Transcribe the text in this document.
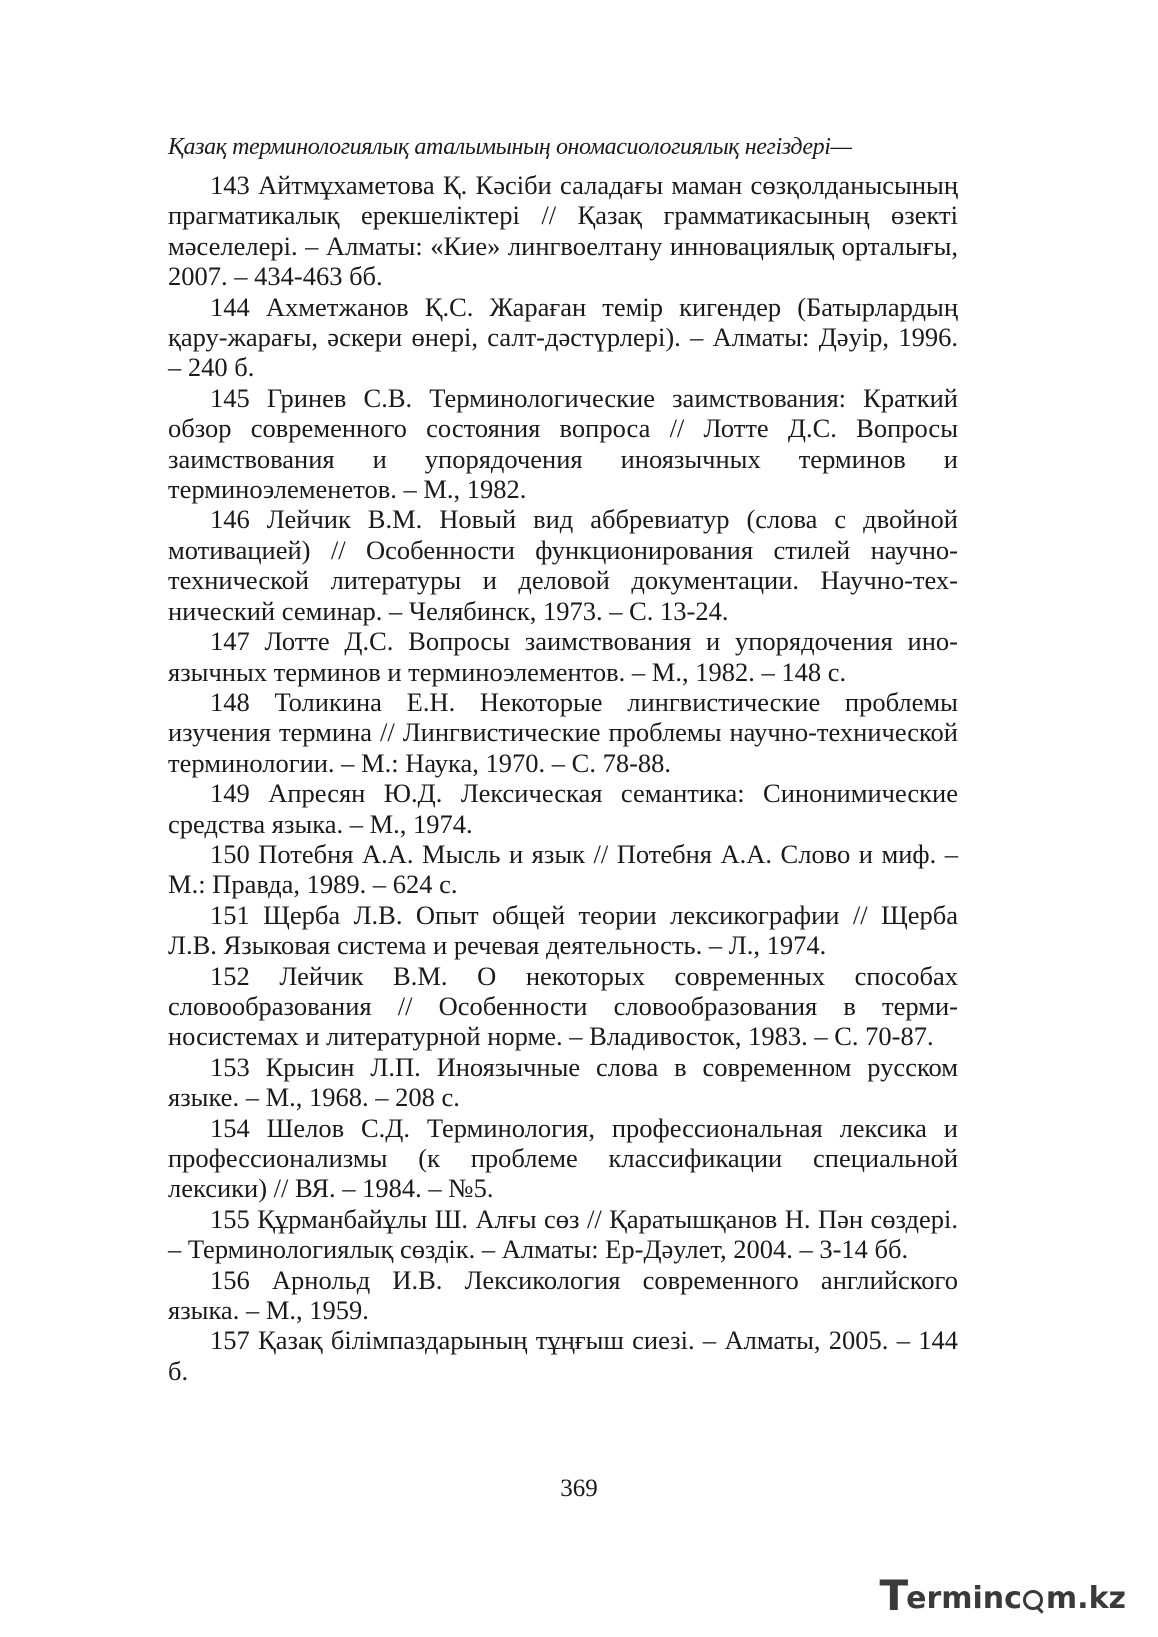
Қазақ терминологиялық аталымының ономасиологиялық негіздері—

143 Айтмұхаметова Қ. Кәсіби саладағы маман сөзқолданысының прагматикалық ерекшеліктері // Қазақ грамматикасының өзекті мәселелері. – Алматы: «Кие» лингвоелтану инновациялық орталығы, 2007. – 434-463 бб.

144 Ахметжанов Қ.С. Жараған темір кигендер (Батырлардың қару-жарағы, әскери өнері, салт-дәстүрлері). – Алматы: Дәуір, 1996. – 240 б.

145 Гринев С.В. Терминологические заимствования: Краткий обзор современного состояния вопроса // Лотте Д.С. Вопросы заимствования и упорядочения иноязычных терминов и терминоэлеменетов. – М., 1982.

146 Лейчик В.М. Новый вид аббревиатур (слова с двойной мотивацией) // Особенности функционирования стилей научно-технической литературы и деловой документации. Научно-технический семинар. – Челябинск, 1973. – С. 13-24.

147 Лотте Д.С. Вопросы заимствования и упорядочения иноязычных терминов и терминоэлементов. – М., 1982. – 148 с.

148 Толикина Е.Н. Некоторые лингвистические проблемы изучения термина // Лингвистические проблемы научно-технической терминологии. – М.: Наука, 1970. – С. 78-88.

149 Апресян Ю.Д. Лексическая семантика: Синонимические средства языка. – М., 1974.

150 Потебня А.А. Мысль и язык // Потебня А.А. Слово и миф. – М.: Правда, 1989. – 624 с.

151 Щерба Л.В. Опыт общей теории лексикографии // Щерба Л.В. Языковая система и речевая деятельность. – Л., 1974.

152 Лейчик В.М. О некоторых современных способах словообразования // Особенности словообразования в терминосистемах и литературной норме. – Владивосток, 1983. – С. 70-87.

153 Крысин Л.П. Иноязычные слова в современном русском языке. – М., 1968. – 208 с.

154 Шелов С.Д. Терминология, профессиональная лексика и профессионализмы (к проблеме классификации специальной лексики) // ВЯ. – 1984. – №5.

155 Құрманбайұлы Ш. Алғы сөз // Қаратышқанов Н. Пән сөздері. – Терминологиялық сөздік. – Алматы: Ер-Дәулет, 2004. – 3-14 бб.

156 Арнольд И.В. Лексикология современного английского языка. – М., 1959.

157 Қазақ білімпаздарының тұңғыш сиезі. – Алматы, 2005. – 144 б.

369
T erminc m.kz
